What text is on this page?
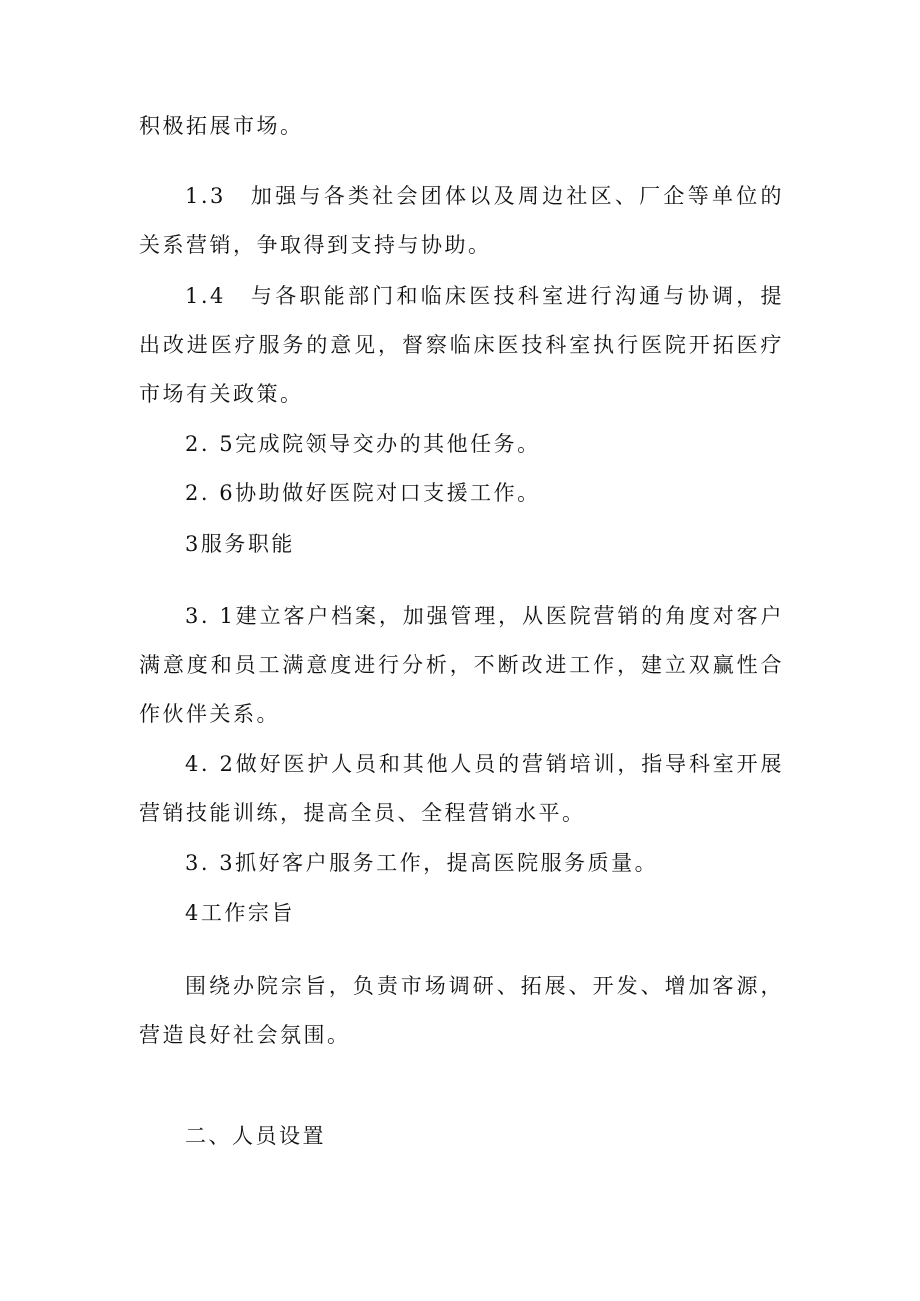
积极拓展市场。

1.3　加强与各类社会团体以及周边社区、厂企等单位的关系营销，争取得到支持与协助。

1.4　与各职能部门和临床医技科室进行沟通与协调，提出改进医疗服务的意见，督察临床医技科室执行医院开拓医疗市场有关政策。

2. 5完成院领导交办的其他任务。

2. 6协助做好医院对口支援工作。

3服务职能

3. 1建立客户档案，加强管理，从医院营销的角度对客户满意度和员工满意度进行分析，不断改进工作，建立双赢性合作伙伴关系。

4. 2做好医护人员和其他人员的营销培训，指导科室开展营销技能训练，提高全员、全程营销水平。

3. 3抓好客户服务工作，提高医院服务质量。

4工作宗旨

围绕办院宗旨，负责市场调研、拓展、开发、增加客源，营造良好社会氛围。

二、人员设置
